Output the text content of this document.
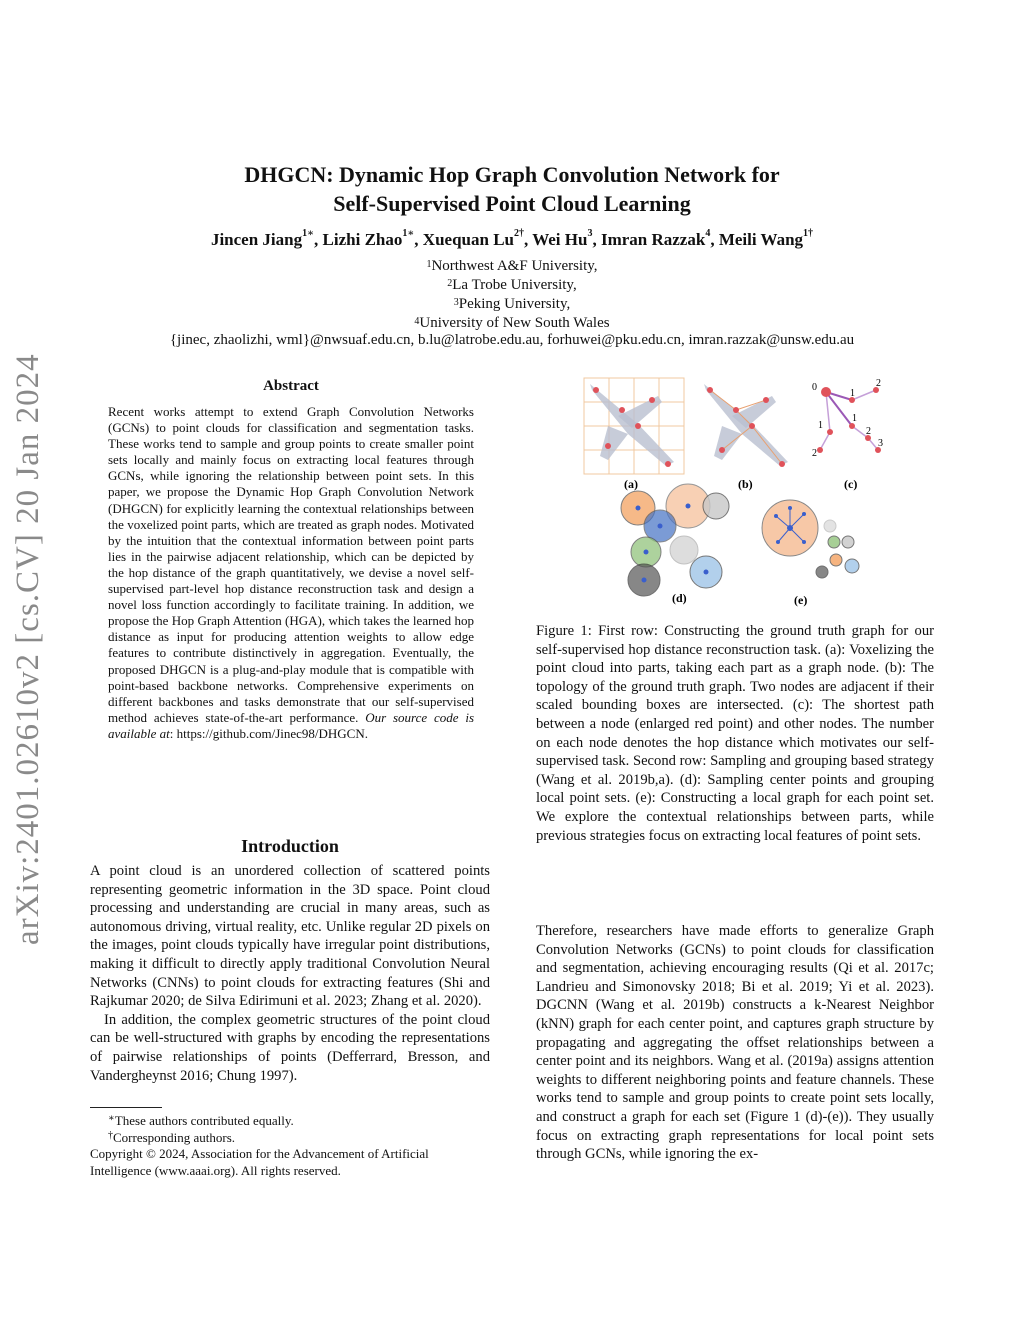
DHGCN: Dynamic Hop Graph Convolution Network for
Self-Supervised Point Cloud Learning
Jincen Jiang$^{1∗}$, Lizhi Zhao$^{1∗}$, Xuequan $Lu^{2\dagger}$, Wei Hu$^3$, Imran Razzak$^4$, Meili Wang$^{1\dagger}$
$^1$Northwest A&F University,
$^2$La Trobe University,
$^3$Peking University,
$^4$University of New South Wales
{jinec, zhaolizhi, wml}@nwsuaf.edu.cn, b.lu@latrobe.edu.au, forhuwei@pku.edu.cn, imran.razzak@unsw.edu.au
arXiv:2401.02610v2 [cs.CV] 20 Jan 2024	Abstract
Recent works attempt to extend Graph Convolution Networks (GCNs) to point clouds for classification and segmentation tasks. These works tend to sample and group points to create smaller point sets locally and mainly focus on extracting local features through GCNs, while ignoring the relationship between point sets. In this paper, we propose the Dynamic Hop Graph Convolution Network (DHGCN) for explicitly learning the contextual relationships between the voxelized point parts, which are treated as graph nodes. Motivated by the intuition that the contextual information between point parts lies in the pairwise adjacent relationship, which can be depicted by the hop distance of the graph quantitatively, we devise a novel self-supervised part-level hop distance reconstruction task and design a novel loss function accordingly to facilitate training. In addition, we propose the Hop Graph Attention (HGA), which takes the learned hop distance as input for producing attention weights to allow edge features to contribute distinctively in aggregation. Eventually, the proposed DHGCN is a plug-and-play module that is compatible with point-based backbone networks. Comprehensive experiments on different backbones and tasks demonstrate that our self-supervised method achieves state-of-the-art performance. Our source code is available at: https://github.com/Jinec98/DHGCN.
Introduction

A point cloud is an unordered collection of scattered points representing geometric information in the 3D space. Point cloud processing and understanding are crucial in many areas, such as autonomous driving, virtual reality, etc. Unlike regular 2D pixels on the images, point clouds typically have irregular point distributions, making it difficult to directly apply traditional Convolution Neural Networks (CNNs) to point clouds for extracting features (Shi and Rajkumar 2020; de Silva Edirimuni et al. 2023; Zhang et al. 2020).

In addition, the complex geometric structures of the point cloud can be well-structured with graphs by encoding the representations of pairwise relationships of points (Defferrard, Bresson, and Vandergheynst 2016; Chung 1997).

∗These authors contributed equally.
†Corresponding authors.
Copyright © 2024, Association for the Advancement of Artificial Intelligence (www.aaai.org). All rights reserved.
0
1
2
1
2
3
1
2
(a)	(b)	(c)
(d)	(e)
Figure 1: First row: Constructing the ground truth graph for our self-supervised hop distance reconstruction task. (a): Voxelizing the point cloud into parts, taking each part as a graph node. (b): The topology of the ground truth graph. Two nodes are adjacent if their scaled bounding boxes are intersected. (c): The shortest path between a node (enlarged red point) and other nodes. The number on each node denotes the hop distance which motivates our self-supervised task. Second row: Sampling and grouping based strategy (Wang et al. 2019b,a). (d): Sampling center points and grouping local point sets. (e): Constructing a local graph for each point set. We explore the contextual relationships between parts, while previous strategies focus on extracting local features of point sets.
Therefore, researchers have made efforts to generalize Graph Convolution Networks (GCNs) to point clouds for classification and segmentation, achieving encouraging results (Qi et al. 2017c; Landrieu and Simonovsky 2018; Bi et al. 2019; Yi et al. 2023). DGCNN (Wang et al. 2019b) constructs a k-Nearest Neighbor (kNN) graph for each center point, and captures graph structure by propagating and aggregating the offset relationships between a center point and its neighbors. Wang et al. (2019a) assigns attention weights to different neighboring points and feature channels. These works tend to sample and group points to create point sets locally, and construct a graph for each set (Figure 1 (d)-(e)). They usually focus on extracting graph representations for local point sets through GCNs, while ignoring the ex-
